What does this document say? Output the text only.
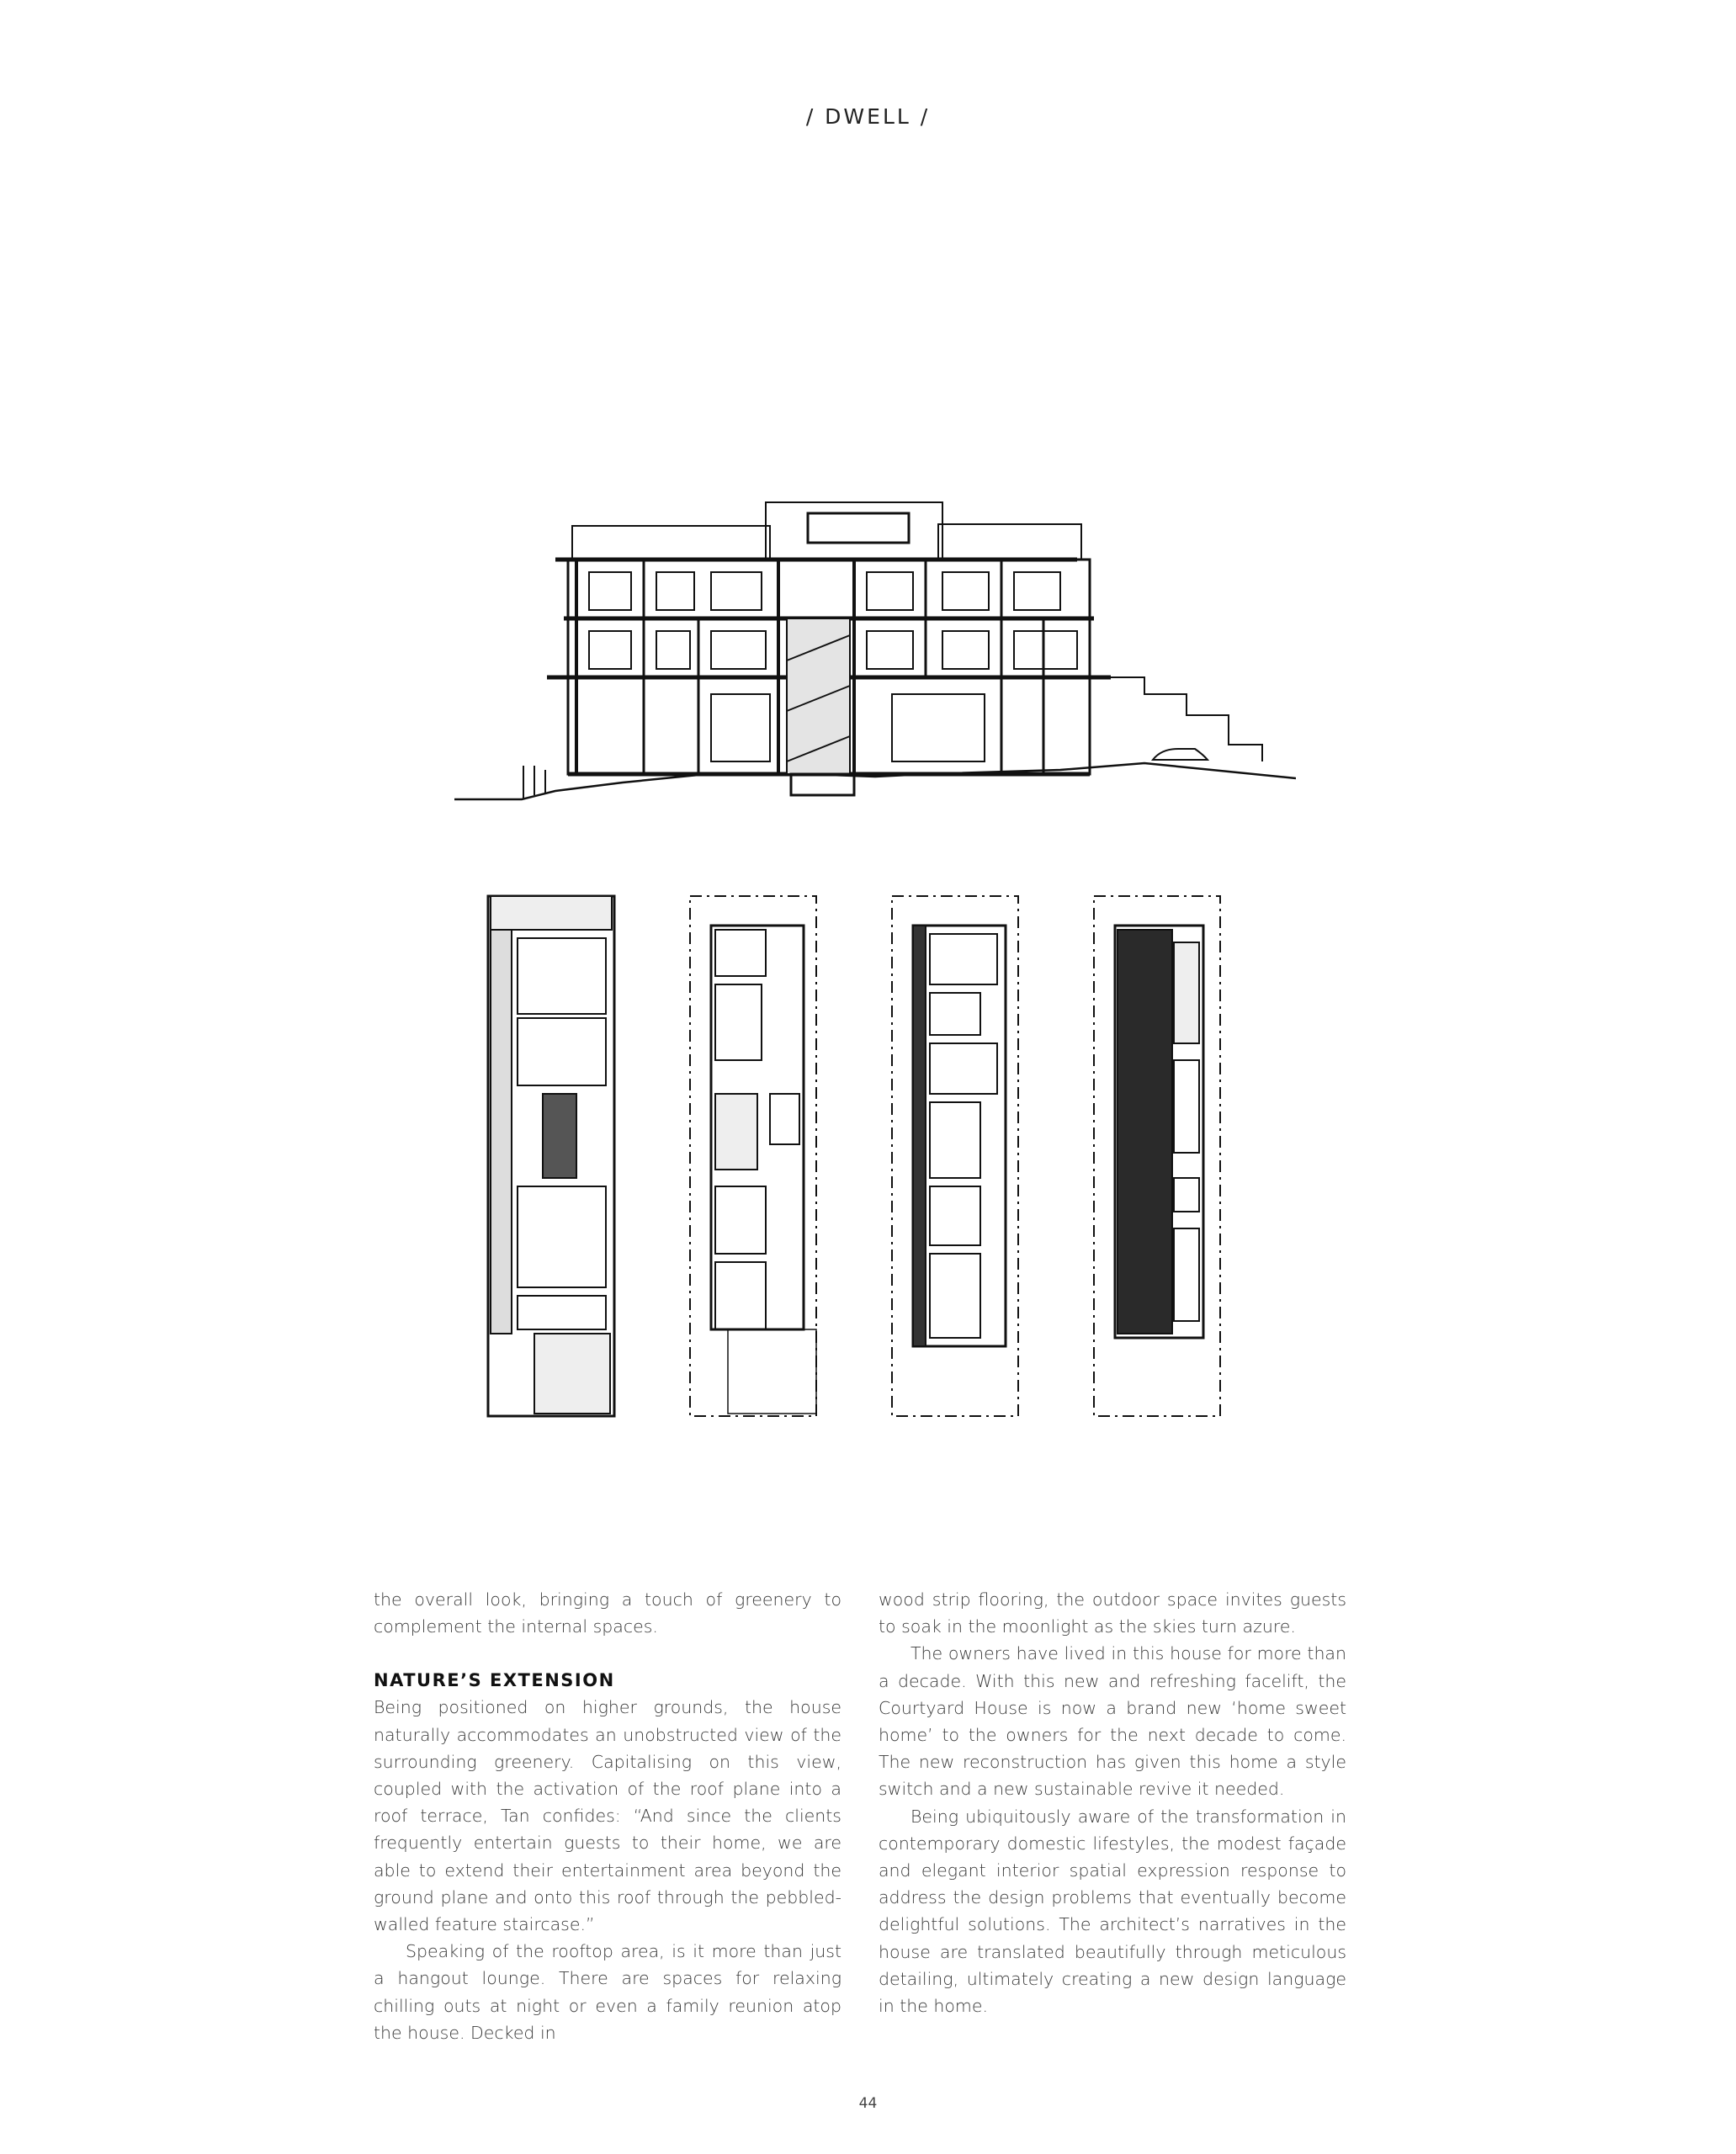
/ DWELL /

the overall look, bringing a touch of greenery to complement the internal spaces.

NATURE’S EXTENSION

Being positioned on higher grounds, the house naturally accommodates an unobstructed view of the surrounding greenery. Capitalising on this view, coupled with the activation of the roof plane into a roof terrace, Tan confides: “And since the clients frequently entertain guests to their home, we are able to extend their entertainment area beyond the ground plane and onto this roof through the pebbled-walled feature staircase.”

Speaking of the rooftop area, is it more than just a hangout lounge. There are spaces for relaxing chilling outs at night or even a family reunion atop the house. Decked in

wood strip flooring, the outdoor space invites guests to soak in the moonlight as the skies turn azure.

The owners have lived in this house for more than a decade. With this new and refreshing facelift, the Courtyard House is now a brand new ‘home sweet home’ to the owners for the next decade to come. The new reconstruction has given this home a style switch and a new sustainable revive it needed.

Being ubiquitously aware of the transformation in contemporary domestic lifestyles, the modest façade and elegant interior spatial expression response to address the design problems that eventually become delightful solutions. The architect’s narratives in the house are translated beautifully through meticulous detailing, ultimately creating a new design language in the home.

44
